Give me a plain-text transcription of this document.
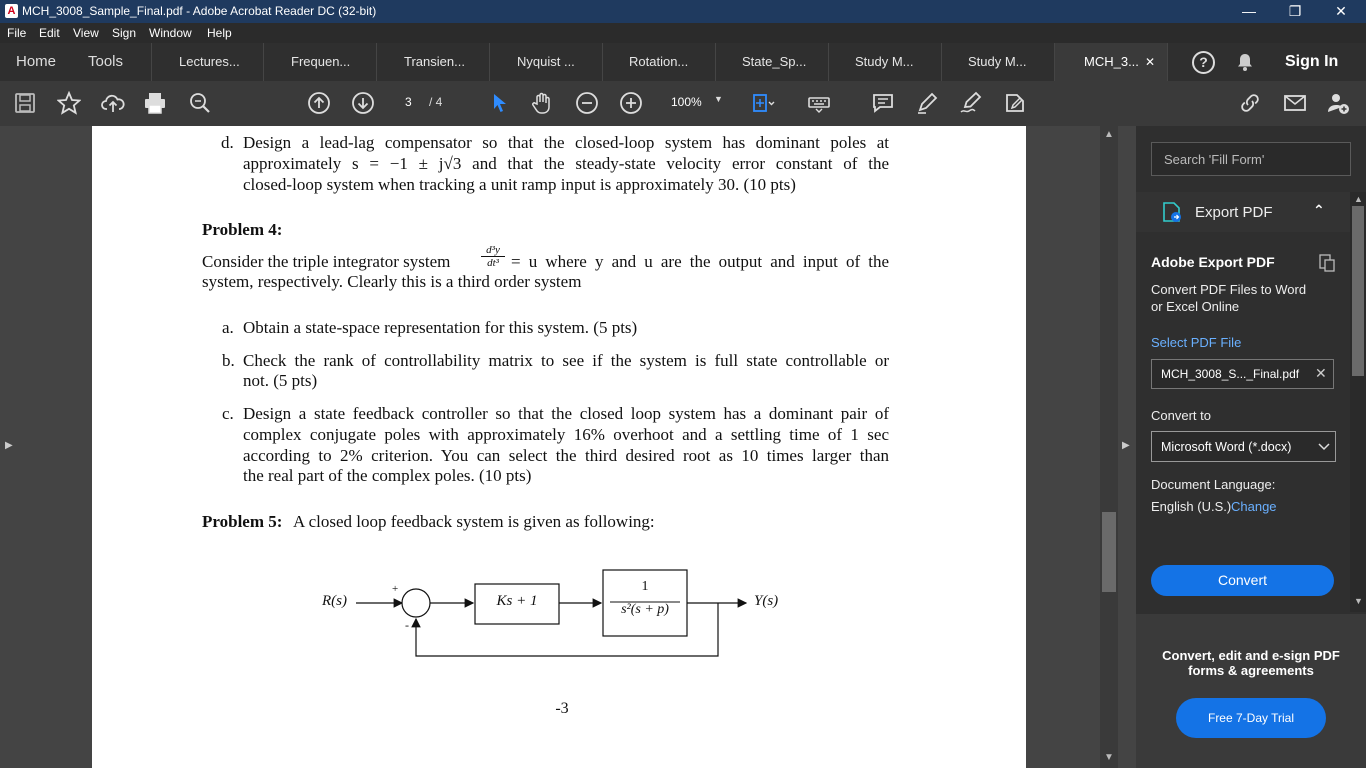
A MCH_3008_Sample_Final.pdf - Adobe Acrobat Reader DC (32-bit)	—	❐	✕
File Edit View Sign Window Help
Home Tools	Lectures...	Frequen...	Transien...	Nyquist ...	Rotation...	State_Sp...	Study M...	Study M...	MCH_3... ✕	?	Sign In
3 / 4	100% ▼
▶
d. Design a lead-lag compensator so that the closed-loop system has dominant poles at
approximately s = −1 ± j√3 and that the steady-state velocity error constant of the
closed-loop system when tracking a unit ramp input is approximately 30. (10 pts)
Problem 4:
Consider the triple integrator system	$\frac{\text{d³y}}{\text{dt³}} = u$ where y and u are the output and input of the
system, respectively. Clearly this is a third order system
a. Obtain a state-space representation for this system. (5 pts)
b. Check the rank of controllability matrix to see if the system is full state controllable or
not. (5 pts)
c. Design a state feedback controller so that the closed loop system has a dominant pair of
complex conjugate poles with approximately 16% overhoot and a settling time of 1 sec
according to 2% criterion. You can select the third desired root as 10 times larger than
the real part of the complex poles. (10 pts)
Problem 5: A closed loop feedback system is given as following:
R(s)	Y(s)
+
-
Ks + 1
1
s²(s + p)
-3
▲
▼
▶
Search 'Fill Form'
Export PDF	⌃
Adobe Export PDF
Convert PDF Files to Word
or Excel Online
Select PDF File
MCH_3008_S..._Final.pdf ✕
Convert to
Microsoft Word (*.docx)
Document Language:
English (U.S.) Change
Convert
Convert, edit and e-sign PDF
forms & agreements
Free 7-Day Trial
▲
▼
